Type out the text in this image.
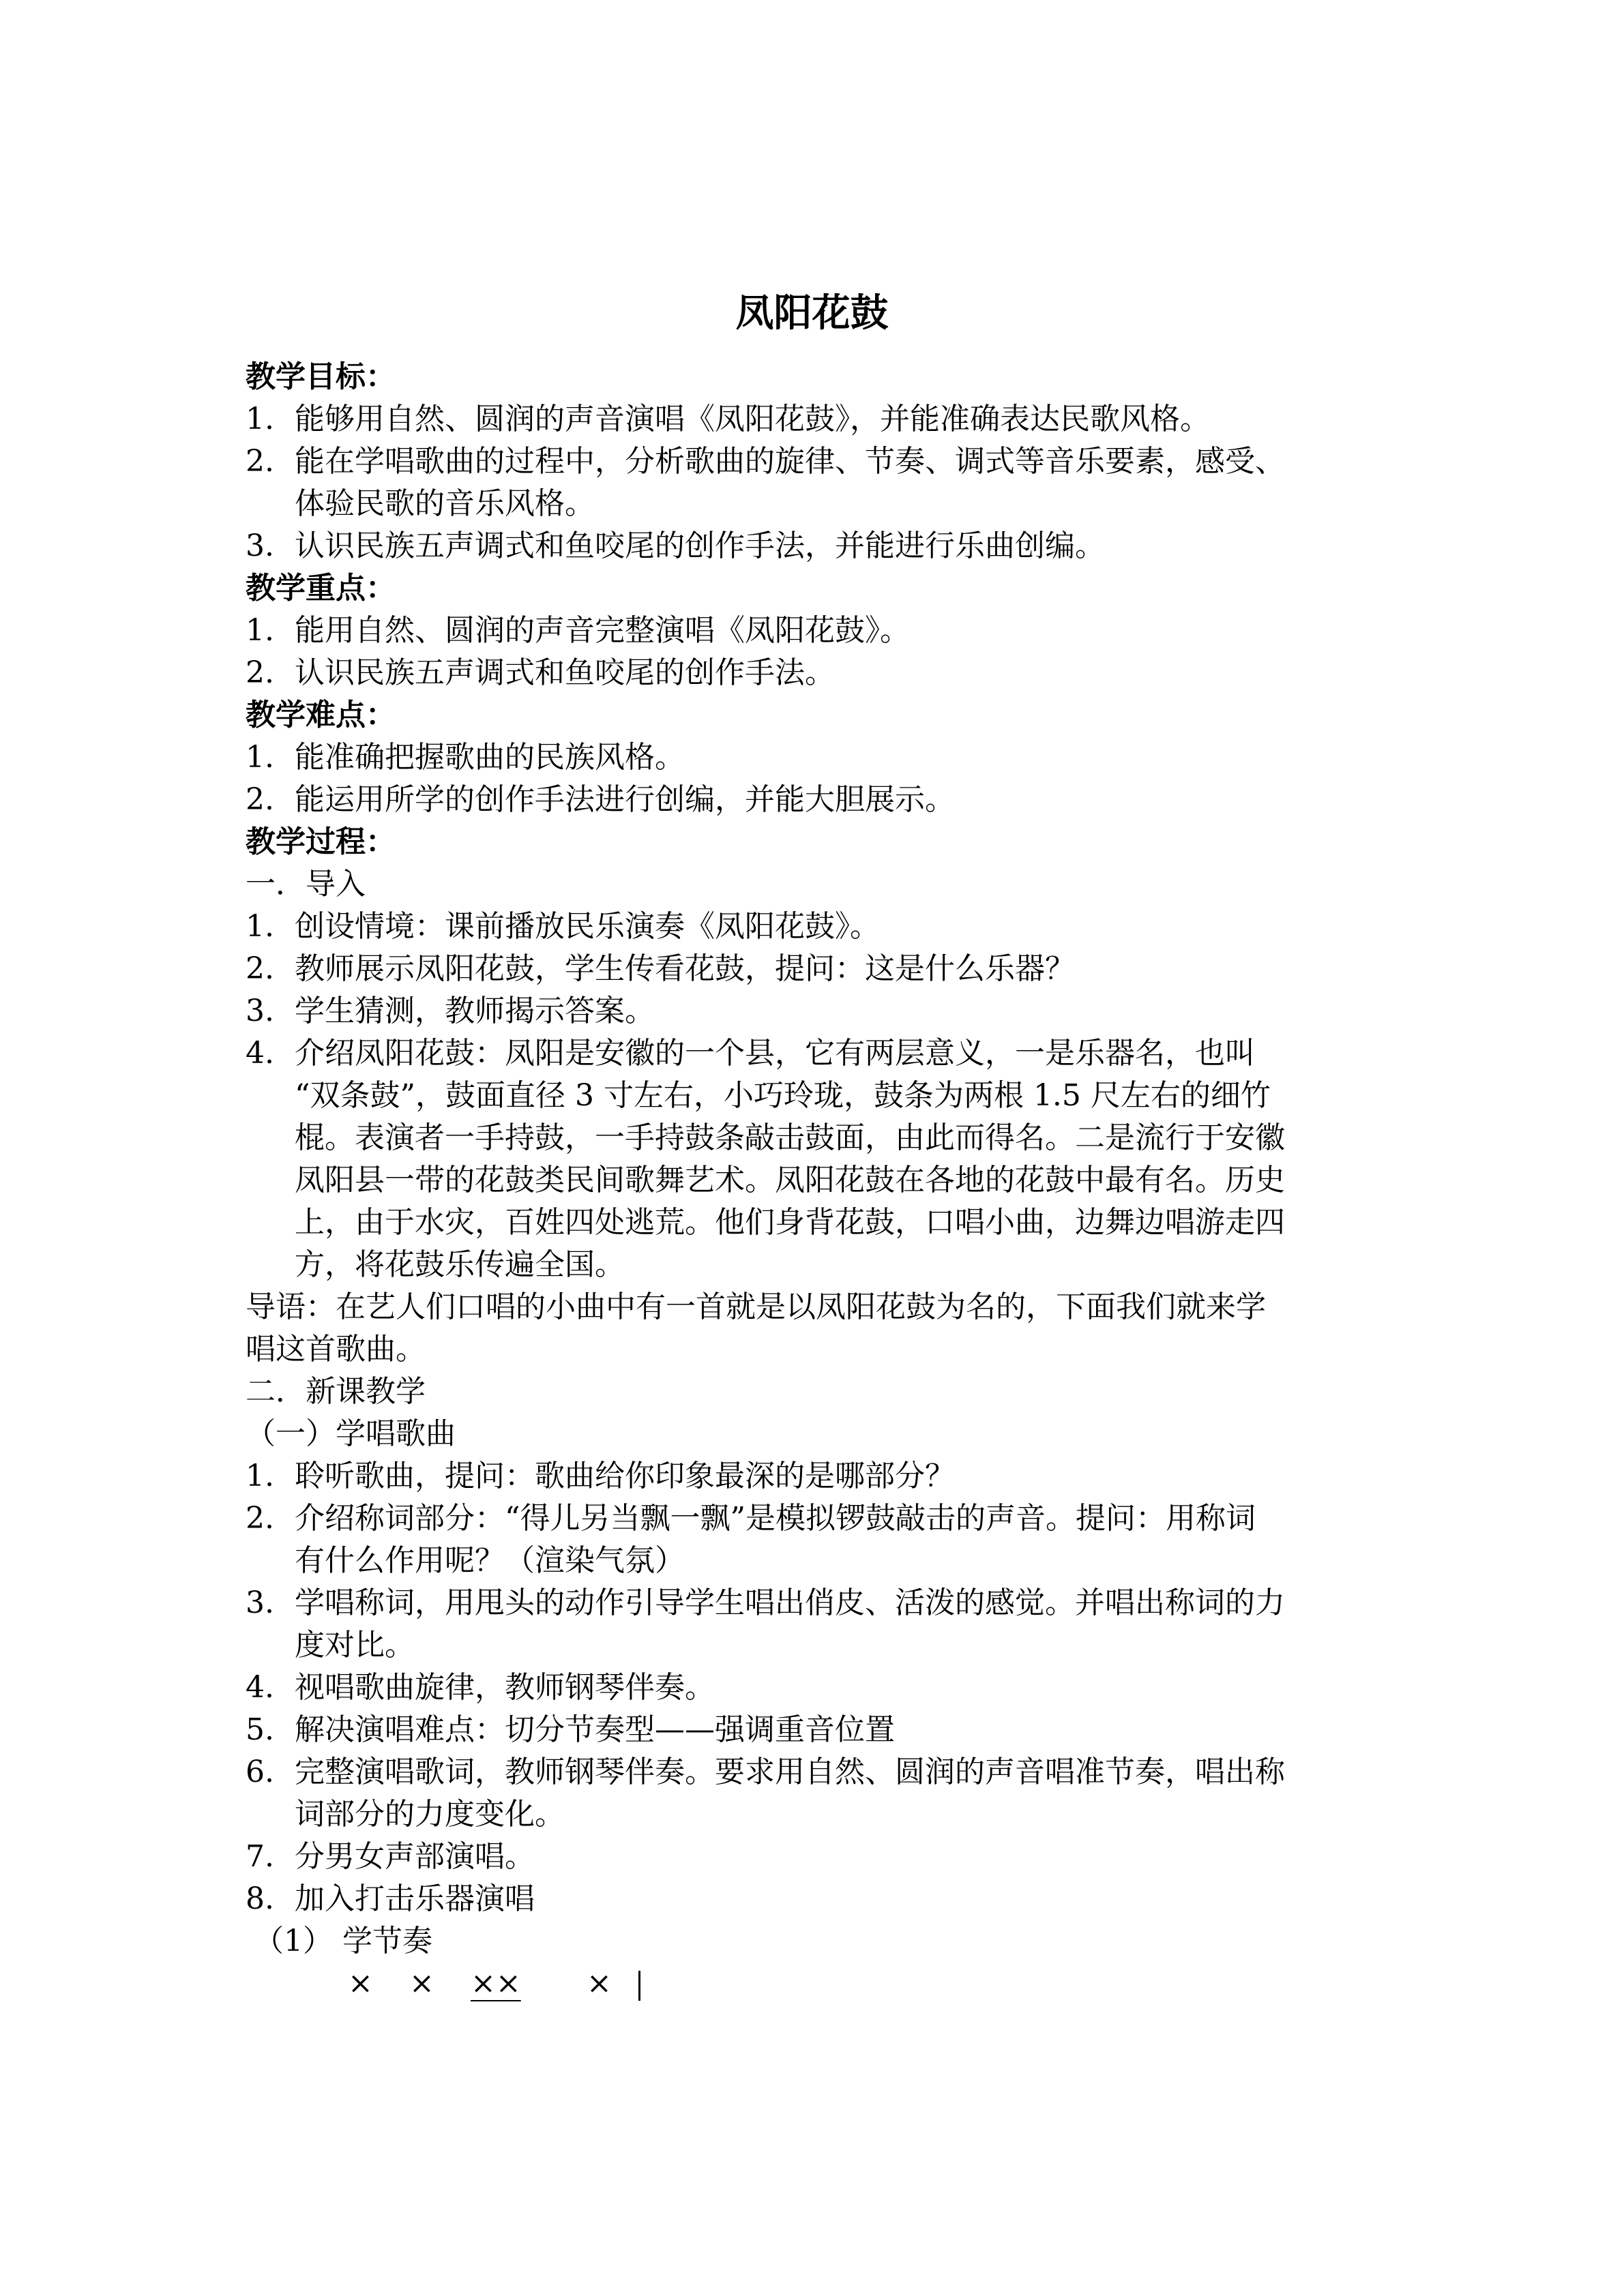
凤阳花鼓
教学目标：
1. 能够用自然、圆润的声音演唱《凤阳花鼓》，并能准确表达民歌风格。
2. 能在学唱歌曲的过程中，分析歌曲的旋律、节奏、调式等音乐要素，感受、
体验民歌的音乐风格。
3. 认识民族五声调式和鱼咬尾的创作手法，并能进行乐曲创编。
教学重点：
1. 能用自然、圆润的声音完整演唱《凤阳花鼓》。
2. 认识民族五声调式和鱼咬尾的创作手法。
教学难点：
1. 能准确把握歌曲的民族风格。
2. 能运用所学的创作手法进行创编，并能大胆展示。
教学过程：
一．导入
1. 创设情境：课前播放民乐演奏《凤阳花鼓》。
2. 教师展示凤阳花鼓，学生传看花鼓，提问：这是什么乐器？
3. 学生猜测，教师揭示答案。
4. 介绍凤阳花鼓：凤阳是安徽的一个县，它有两层意义，一是乐器名，也叫
“双条鼓”，鼓面直径 3 寸左右，小巧玲珑，鼓条为两根 1.5 尺左右的细竹
棍。表演者一手持鼓，一手持鼓条敲击鼓面，由此而得名。二是流行于安徽
凤阳县一带的花鼓类民间歌舞艺术。凤阳花鼓在各地的花鼓中最有名。历史
上，由于水灾，百姓四处逃荒。他们身背花鼓，口唱小曲，边舞边唱游走四
方，将花鼓乐传遍全国。
导语：在艺人们口唱的小曲中有一首就是以凤阳花鼓为名的，下面我们就来学
唱这首歌曲。
二．新课教学
（一）学唱歌曲
1. 聆听歌曲，提问：歌曲给你印象最深的是哪部分？
2. 介绍称词部分：“得儿另当飘一飘”是模拟锣鼓敲击的声音。提问：用称词
有什么作用呢？（渲染气氛）
3. 学唱称词，用甩头的动作引导学生唱出俏皮、活泼的感觉。并唱出称词的力
度对比。
4. 视唱歌曲旋律，教师钢琴伴奏。
5. 解决演唱难点：切分节奏型——强调重音位置
6. 完整演唱歌词，教师钢琴伴奏。要求用自然、圆润的声音唱准节奏，唱出称
词部分的力度变化。
7. 分男女声部演唱。
8. 加入打击乐器演唱
（1） 学节奏
× × ×× ×
